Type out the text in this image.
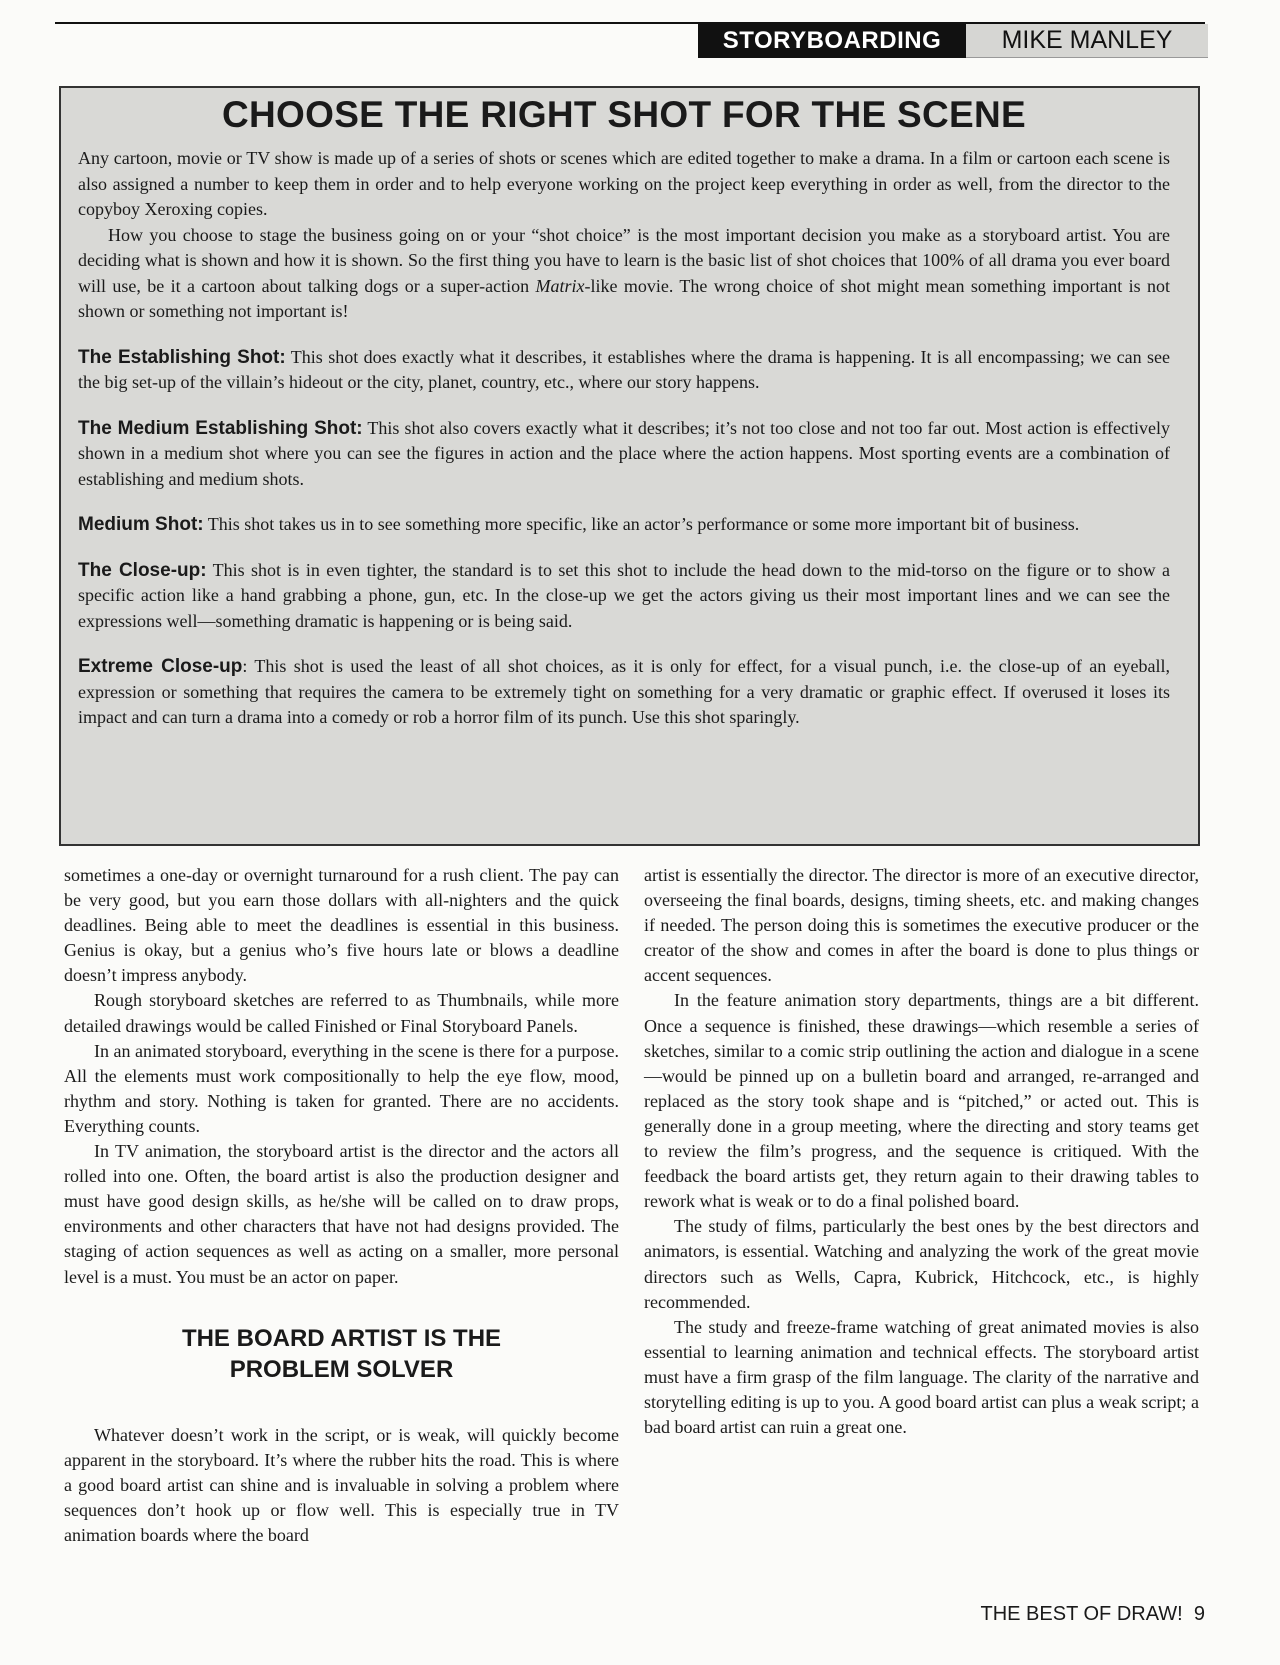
STORYBOARDING	MIKE MANLEY
CHOOSE THE RIGHT SHOT FOR THE SCENE

Any cartoon, movie or TV show is made up of a series of shots or scenes which are edited together to make a drama. In a film or cartoon each scene is also assigned a number to keep them in order and to help everyone working on the project keep everything in order as well, from the director to the copyboy Xeroxing copies.

How you choose to stage the business going on or your “shot choice” is the most important decision you make as a storyboard artist. You are deciding what is shown and how it is shown. So the first thing you have to learn is the basic list of shot choices that 100% of all drama you ever board will use, be it a cartoon about talking dogs or a super-action Matrix-like movie. The wrong choice of shot might mean something important is not shown or something not important is!

The Establishing Shot: This shot does exactly what it describes, it establishes where the drama is happening. It is all encompassing; we can see the big set-up of the villain’s hideout or the city, planet, country, etc., where our story happens.

The Medium Establishing Shot: This shot also covers exactly what it describes; it’s not too close and not too far out. Most action is effectively shown in a medium shot where you can see the figures in action and the place where the action happens. Most sporting events are a combination of establishing and medium shots.

Medium Shot: This shot takes us in to see something more specific, like an actor’s performance or some more important bit of business.

The Close-up: This shot is in even tighter, the standard is to set this shot to include the head down to the mid-torso on the figure or to show a specific action like a hand grabbing a phone, gun, etc. In the close-up we get the actors giving us their most important lines and we can see the expressions well—something dramatic is happening or is being said.

Extreme Close-up: This shot is used the least of all shot choices, as it is only for effect, for a visual punch, i.e. the close-up of an eyeball, expression or something that requires the camera to be extremely tight on something for a very dramatic or graphic effect. If overused it loses its impact and can turn a drama into a comedy or rob a horror film of its punch. Use this shot sparingly.

sometimes a one-day or overnight turnaround for a rush client. The pay can be very good, but you earn those dollars with all-nighters and the quick deadlines. Being able to meet the deadlines is essential in this business. Genius is okay, but a genius who’s five hours late or blows a deadline doesn’t impress anybody.

Rough storyboard sketches are referred to as Thumbnails, while more detailed drawings would be called Finished or Final Storyboard Panels.

In an animated storyboard, everything in the scene is there for a purpose. All the elements must work compositionally to help the eye flow, mood, rhythm and story. Nothing is taken for granted. There are no accidents. Everything counts.

In TV animation, the storyboard artist is the director and the actors all rolled into one. Often, the board artist is also the production designer and must have good design skills, as he/she will be called on to draw props, environments and other characters that have not had designs provided. The staging of action sequences as well as acting on a smaller, more personal level is a must. You must be an actor on paper.

THE BOARD ARTIST IS THE
PROBLEM SOLVER

Whatever doesn’t work in the script, or is weak, will quickly become apparent in the storyboard. It’s where the rubber hits the road. This is where a good board artist can shine and is invaluable in solving a problem where sequences don’t hook up or flow well. This is especially true in TV animation boards where the board

artist is essentially the director. The director is more of an executive director, overseeing the final boards, designs, timing sheets, etc. and making changes if needed. The person doing this is sometimes the executive producer or the creator of the show and comes in after the board is done to plus things or accent sequences.

In the feature animation story departments, things are a bit different. Once a sequence is finished, these drawings—which resemble a series of sketches, similar to a comic strip outlining the action and dialogue in a scene—would be pinned up on a bulletin board and arranged, re-arranged and replaced as the story took shape and is “pitched,” or acted out. This is generally done in a group meeting, where the directing and story teams get to review the film’s progress, and the sequence is critiqued. With the feedback the board artists get, they return again to their drawing tables to rework what is weak or to do a final polished board.

The study of films, particularly the best ones by the best directors and animators, is essential. Watching and analyzing the work of the great movie directors such as Wells, Capra, Kubrick, Hitchcock, etc., is highly recommended.

The study and freeze-frame watching of great animated movies is also essential to learning animation and technical effects. The storyboard artist must have a firm grasp of the film language. The clarity of the narrative and storytelling editing is up to you. A good board artist can plus a weak script; a bad board artist can ruin a great one.

THE BEST OF DRAW! 9
